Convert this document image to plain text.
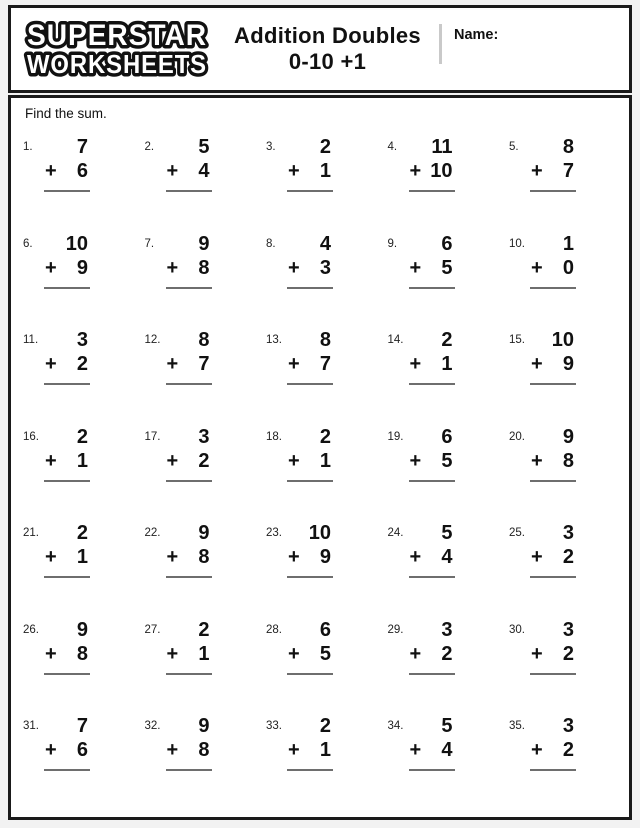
SUPERSTAR
WORKSHEETS
Addition Doubles
0-10 +1
Name:
Find the sum.
1.	7
+ 6
2.	5
+ 4
3.	2
+ 1
4.	11
+ 10
5.	8
+ 7
6.	10
+ 9
7.	9
+ 8
8.	4
+ 3
9.	6
+ 5
10.	1
+ 0
11.	3
+ 2
12.	8
+ 7
13.	8
+ 7
14.	2
+ 1
15.	10
+ 9
16.	2
+ 1
17.	3
+ 2
18.	2
+ 1
19.	6
+ 5
20.	9
+ 8
21.	2
+ 1
22.	9
+ 8
23.	10
+ 9
24.	5
+ 4
25.	3
+ 2
26.	9
+ 8
27.	2
+ 1
28.	6
+ 5
29.	3
+ 2
30.	3
+ 2
31.	7
+ 6
32.	9
+ 8
33.	2
+ 1
34.	5
+ 4
35.	3
+ 2
